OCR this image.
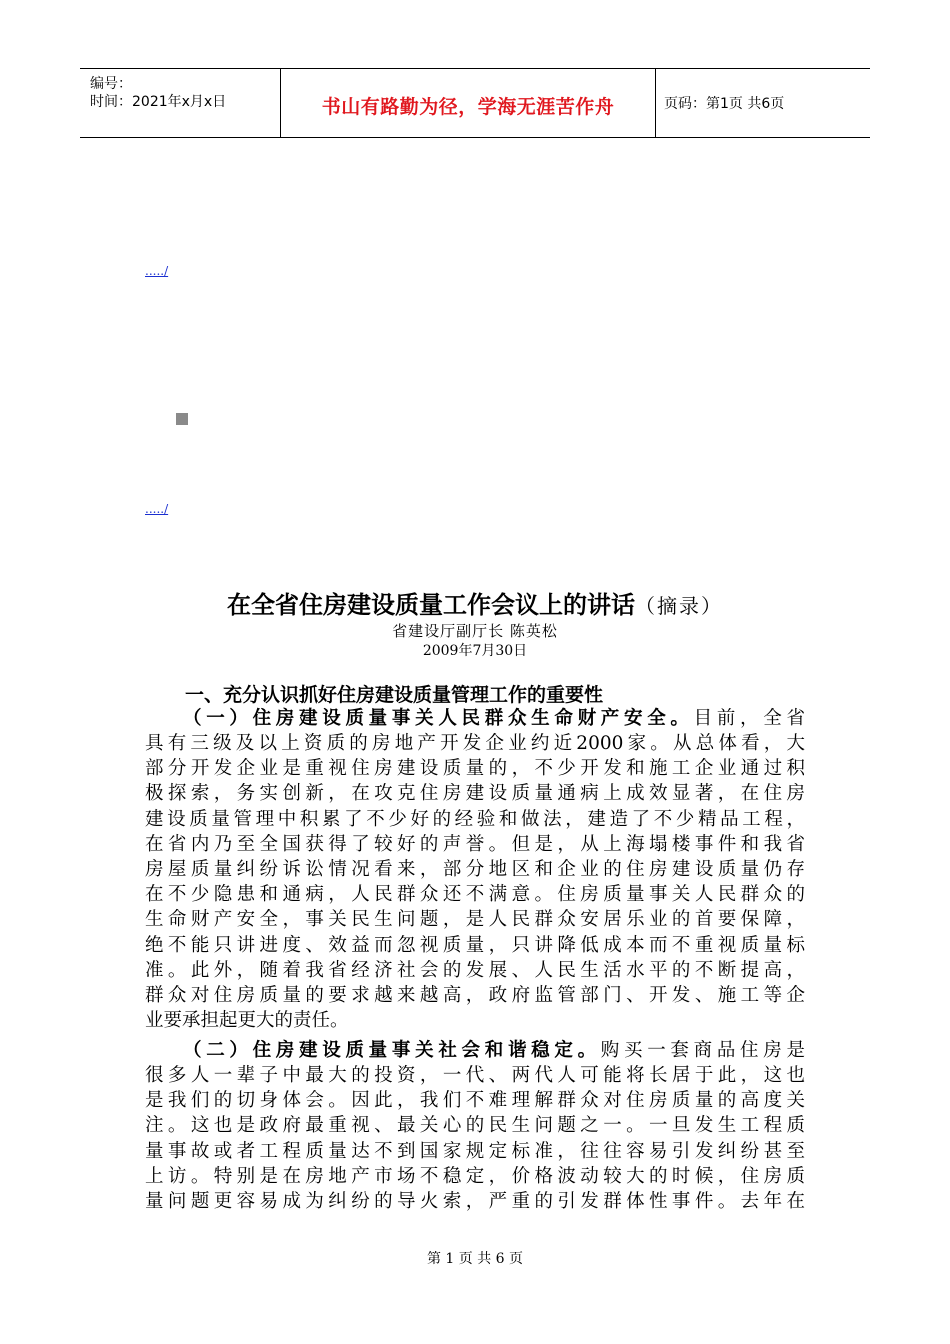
编号：
时间：2021年x月x日	书山有路勤为径，学海无涯苦作舟	页码：第1页 共6页
...../
...../
在全省住房建设质量工作会议上的讲话（摘录）
省建设厅副厅长 陈英松
2009年7月30日
一、充分认识抓好住房建设质量管理工作的重要性
（一）住房建设质量事关人民群众生命财产安全。目前，全省
具有三级及以上资质的房地产开发企业约近2000家。从总体看，大
部分开发企业是重视住房建设质量的，不少开发和施工企业通过积
极探索，务实创新，在攻克住房建设质量通病上成效显著，在住房
建设质量管理中积累了不少好的经验和做法，建造了不少精品工程，
在省内乃至全国获得了较好的声誉。但是，从上海塌楼事件和我省
房屋质量纠纷诉讼情况看来，部分地区和企业的住房建设质量仍存
在不少隐患和通病，人民群众还不满意。住房质量事关人民群众的
生命财产安全，事关民生问题，是人民群众安居乐业的首要保障，
绝不能只讲进度、效益而忽视质量，只讲降低成本而不重视质量标
准。此外，随着我省经济社会的发展、人民生活水平的不断提高，
群众对住房质量的要求越来越高，政府监管部门、开发、施工等企
业要承担起更大的责任。
（二）住房建设质量事关社会和谐稳定。购买一套商品住房是
很多人一辈子中最大的投资，一代、两代人可能将长居于此，这也
是我们的切身体会。因此，我们不难理解群众对住房质量的高度关
注。这也是政府最重视、最关心的民生问题之一。一旦发生工程质
量事故或者工程质量达不到国家规定标准，往往容易引发纠纷甚至
上访。特别是在房地产市场不稳定，价格波动较大的时候，住房质
量问题更容易成为纠纷的导火索，严重的引发群体性事件。去年在
第 1 页 共 6 页
